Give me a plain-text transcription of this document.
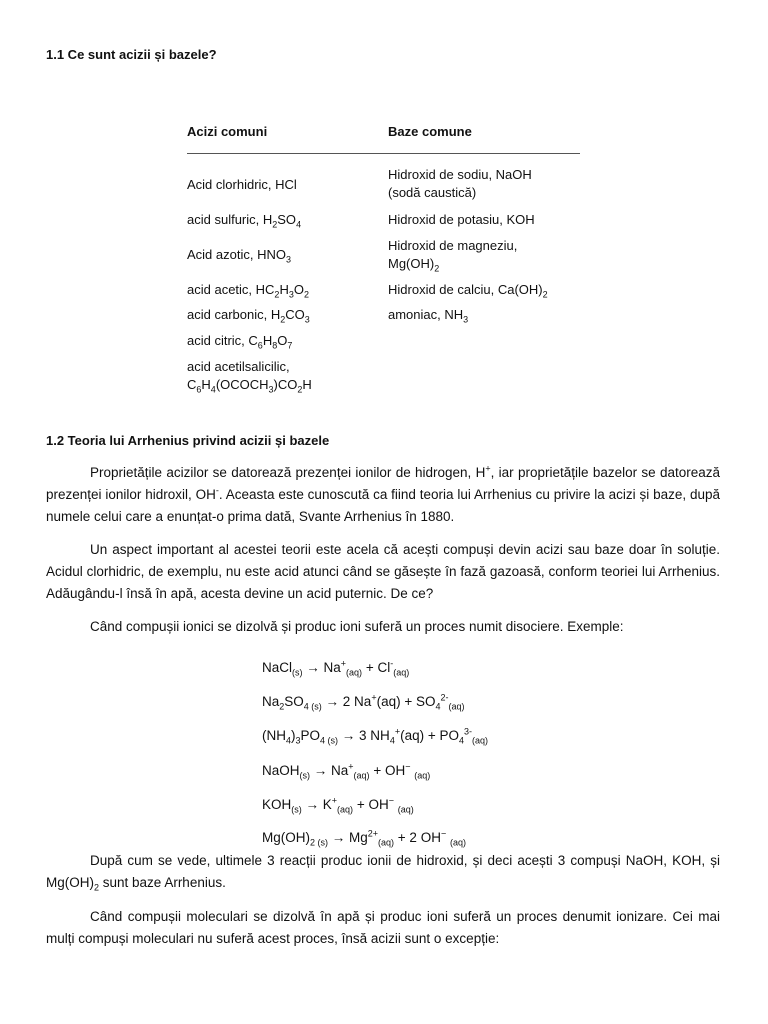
1.1 Ce sunt acizii și bazele?
Acizi comuni	Baze comune
Acid clorhidric, HCl
acid sulfuric, $H_2SO_4$
Acid azotic, $HNO_3$
acid acetic, $HC_2H_3O_2$
acid carbonic, $H_2CO_3$
acid citric, $C_6H_8O_7$
acid acetilsalicilic,
$C_6H_4(OCOCH_3)CO_2H$
Hidroxid de sodiu, NaOH
(sodă caustică)
Hidroxid de potasiu, KOH
Hidroxid de magneziu,
$Mg(OH)_2$
Hidroxid de calciu, $Ca(OH)_2$
amoniac, $NH_3$
1.2 Teoria lui Arrhenius privind acizii și bazele
Proprietățile acizilor se datorează prezenței ionilor de hidrogen, H+, iar proprietățile bazelor se datorează prezenței ionilor hidroxil, OH-. Aceasta este cunoscută ca fiind teoria lui Arrhenius cu privire la acizi și baze, după numele celui care a enunțat-o prima dată, Svante Arrhenius în 1880.
Un aspect important al acestei teorii este acela că acești compuși devin acizi sau baze doar în soluție. Acidul clorhidric, de exemplu, nu este acid atunci când se găsește în fază gazoasă, conform teoriei lui Arrhenius. Adăugându-l însă în apă, acesta devine un acid puternic. De ce?
Când compușii ionici se dizolvă și produc ioni suferă un proces numit disociere. Exemple:
NaCl$_{(s)}$ → $Na^+_{(aq)} + Cl^-_{(aq)}$
$Na_2SO_{4 (s)} \to 2$ $Na^+(aq) + SO_4^{2-}_{(aq)}$
$(NH_4)_3PO_{4 (s)} \to 3$ $NH_4^+(aq) + PO_4^{3-}_{(aq)}$
NaOH$_{(s)}$ → $Na^+_{(aq)} + OH^-$ $_{(aq)}$
$KOH_{(s)} \to K^+_{(aq)} + OH^-$ $_{(aq)}$
$Mg(OH)_{2 (s)} \to Mg^{2+}_{(aq)} + 2$ OH− $_{(aq)}$
După cum se vede, ultimele 3 reacții produc ionii de hidroxid, și deci acești 3 compuși NaOH, KOH, și $Mg(OH)_2$ sunt baze Arrhenius.
Când compușii moleculari se dizolvă în apă și produc ioni suferă un proces denumit ionizare. Cei mai mulți compuși moleculari nu suferă acest proces, însă acizii sunt o excepție:
